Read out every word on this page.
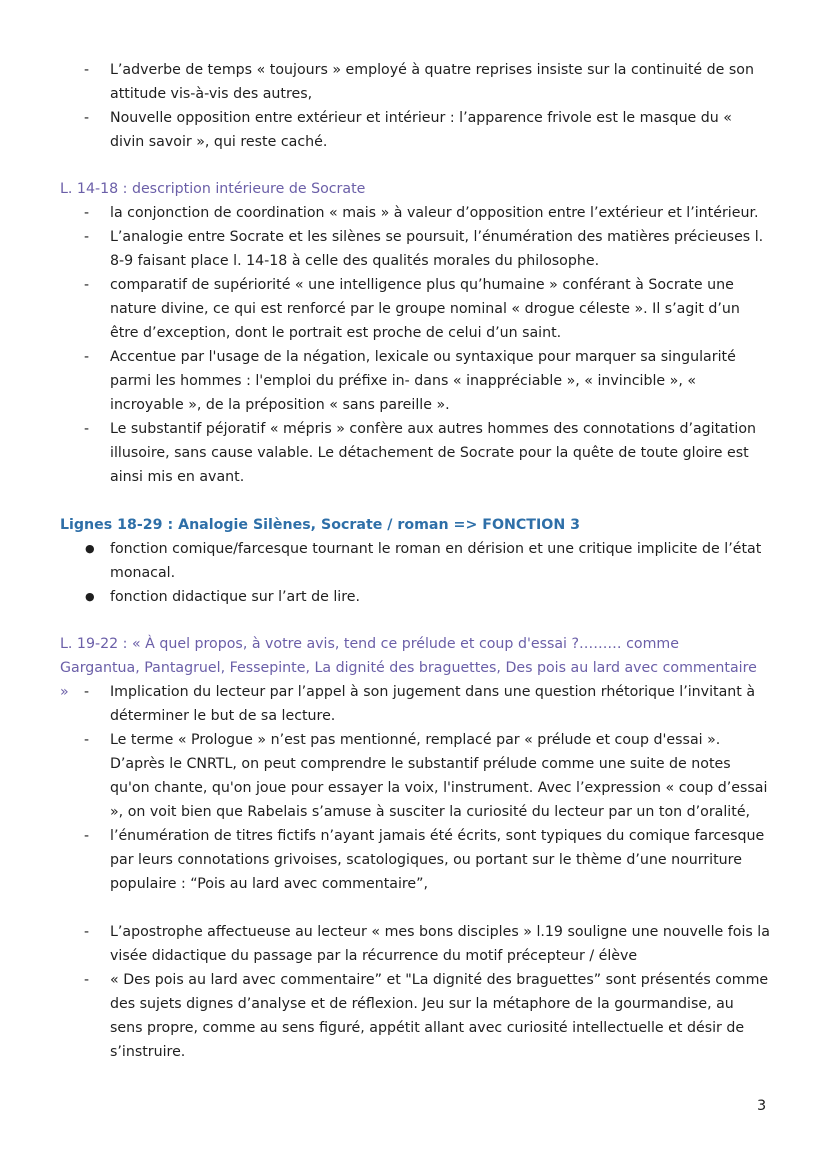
- L’adverbe de temps « toujours » employé à quatre reprises insiste sur la continuité de son attitude vis-à-vis des autres,
- Nouvelle opposition entre extérieur et intérieur : l’apparence frivole est le masque du « divin savoir », qui reste caché.
L. 14-18 : description intérieure de Socrate
- la conjonction de coordination « mais » à valeur d’opposition entre l’extérieur et l’intérieur.
- L’analogie entre Socrate et les silènes se poursuit, l’énumération des matières précieuses l. 8-9 faisant place l. 14-18 à celle des qualités morales du philosophe.
- comparatif de supériorité « une intelligence plus qu’humaine » conférant à Socrate une nature divine, ce qui est renforcé par le groupe nominal « drogue céleste ». Il s’agit d’un être d’exception, dont le portrait est proche de celui d’un saint.
- Accentue par l'usage de la négation, lexicale ou syntaxique pour marquer sa singularité parmi les hommes : l'emploi du préfixe in- dans « inappréciable », « invincible », « incroyable », de la préposition « sans pareille ».
- Le substantif péjoratif « mépris » confère aux autres hommes des connotations d’agitation illusoire, sans cause valable. Le détachement de Socrate pour la quête de toute gloire est ainsi mis en avant.
Lignes 18-29 : Analogie Silènes, Socrate / roman => FONCTION 3
● fonction comique/farcesque tournant le roman en dérision et une critique implicite de l’état monacal.
● fonction didactique sur l’art de lire.
L. 19-22 : « À quel propos, à votre avis, tend ce prélude et coup d'essai ?……… comme Gargantua, Pantagruel, Fessepinte, La dignité des braguettes, Des pois au lard avec commentaire »	- Implication du lecteur par l’appel à son jugement dans une question rhétorique l’invitant à déterminer le but de sa lecture.
- Le terme « Prologue » n’est pas mentionné, remplacé par « prélude et coup d'essai ». D’après le CNRTL, on peut comprendre le substantif prélude comme une suite de notes qu'on chante, qu'on joue pour essayer la voix, l'instrument. Avec l’expression « coup d’essai », on voit bien que Rabelais s’amuse à susciter la curiosité du lecteur par un ton d’oralité,
- l’énumération de titres fictifs n’ayant jamais été écrits, sont typiques du comique farcesque par leurs connotations grivoises, scatologiques, ou portant sur le thème d’une nourriture populaire : “Pois au lard avec commentaire”,
- L’apostrophe affectueuse au lecteur « mes bons disciples » l.19 souligne une nouvelle fois la visée didactique du passage par la récurrence du motif précepteur / élève
- « Des pois au lard avec commentaire” et "La dignité des braguettes” sont présentés comme des sujets dignes d’analyse et de réflexion. Jeu sur la métaphore de la gourmandise, au sens propre, comme au sens figuré, appétit allant avec curiosité intellectuelle et désir de s’instruire.
3
